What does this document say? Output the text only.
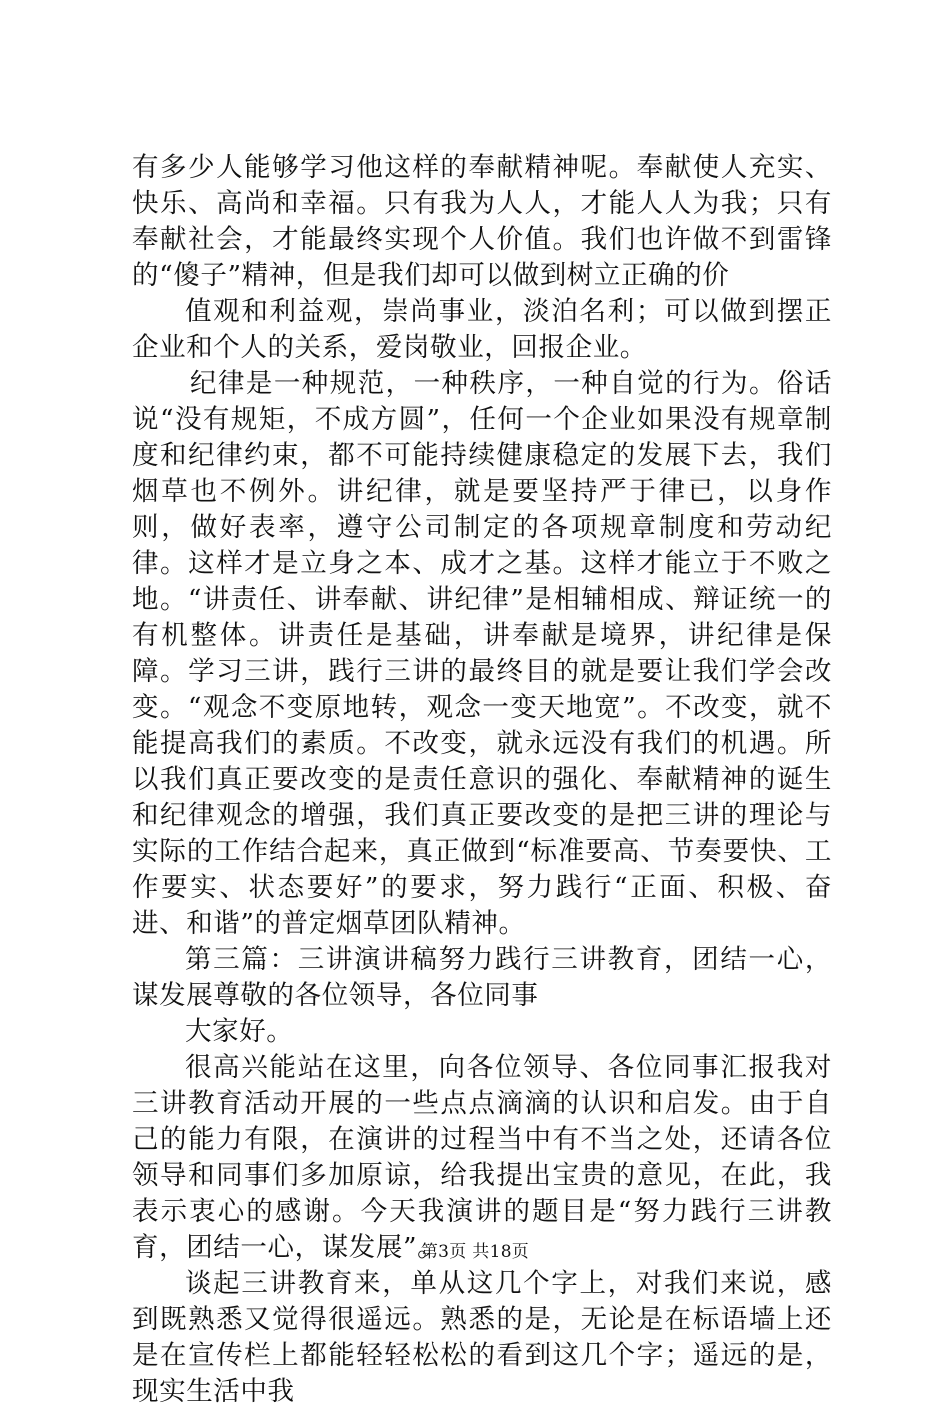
有多少人能够学习他这样的奉献精神呢。奉献使人充实、快乐、高尚和幸福。只有我为人人，才能人人为我；只有奉献社会，才能最终实现个人价值。我们也许做不到雷锋的“傻子”精神，但是我们却可以做到树立正确的价

值观和利益观，崇尚事业，淡泊名利；可以做到摆正企业和个人的关系，爱岗敬业，回报企业。

纪律是一种规范，一种秩序，一种自觉的行为。俗话说“没有规矩，不成方圆”，任何一个企业如果没有规章制度和纪律约束，都不可能持续健康稳定的发展下去，我们烟草也不例外。讲纪律，就是要坚持严于律已，以身作则，做好表率，遵守公司制定的各项规章制度和劳动纪律。这样才是立身之本、成才之基。这样才能立于不败之地。“讲责任、讲奉献、讲纪律”是相辅相成、辩证统一的有机整体。讲责任是基础，讲奉献是境界，讲纪律是保障。学习三讲，践行三讲的最终目的就是要让我们学会改变。“观念不变原地转，观念一变天地宽”。不改变，就不能提高我们的素质。不改变，就永远没有我们的机遇。所以我们真正要改变的是责任意识的强化、奉献精神的诞生和纪律观念的增强，我们真正要改变的是把三讲的理论与实际的工作结合起来，真正做到“标准要高、节奏要快、工作要实、状态要好”的要求，努力践行“正面、积极、奋进、和谐”的普定烟草团队精神。

第三篇：三讲演讲稿努力践行三讲教育，团结一心，谋发展尊敬的各位领导，各位同事

大家好。

很高兴能站在这里，向各位领导、各位同事汇报我对三讲教育活动开展的一些点点滴滴的认识和启发。由于自己的能力有限，在演讲的过程当中有不当之处，还请各位领导和同事们多加原谅，给我提出宝贵的意见，在此，我表示衷心的感谢。今天我演讲的题目是“努力践行三讲教育，团结一心，谋发展”。

谈起三讲教育来，单从这几个字上，对我们来说，感到既熟悉又觉得很遥远。熟悉的是，无论是在标语墙上还是在宣传栏上都能轻轻松松的看到这几个字；遥远的是，现实生活中我

第3页 共18页
